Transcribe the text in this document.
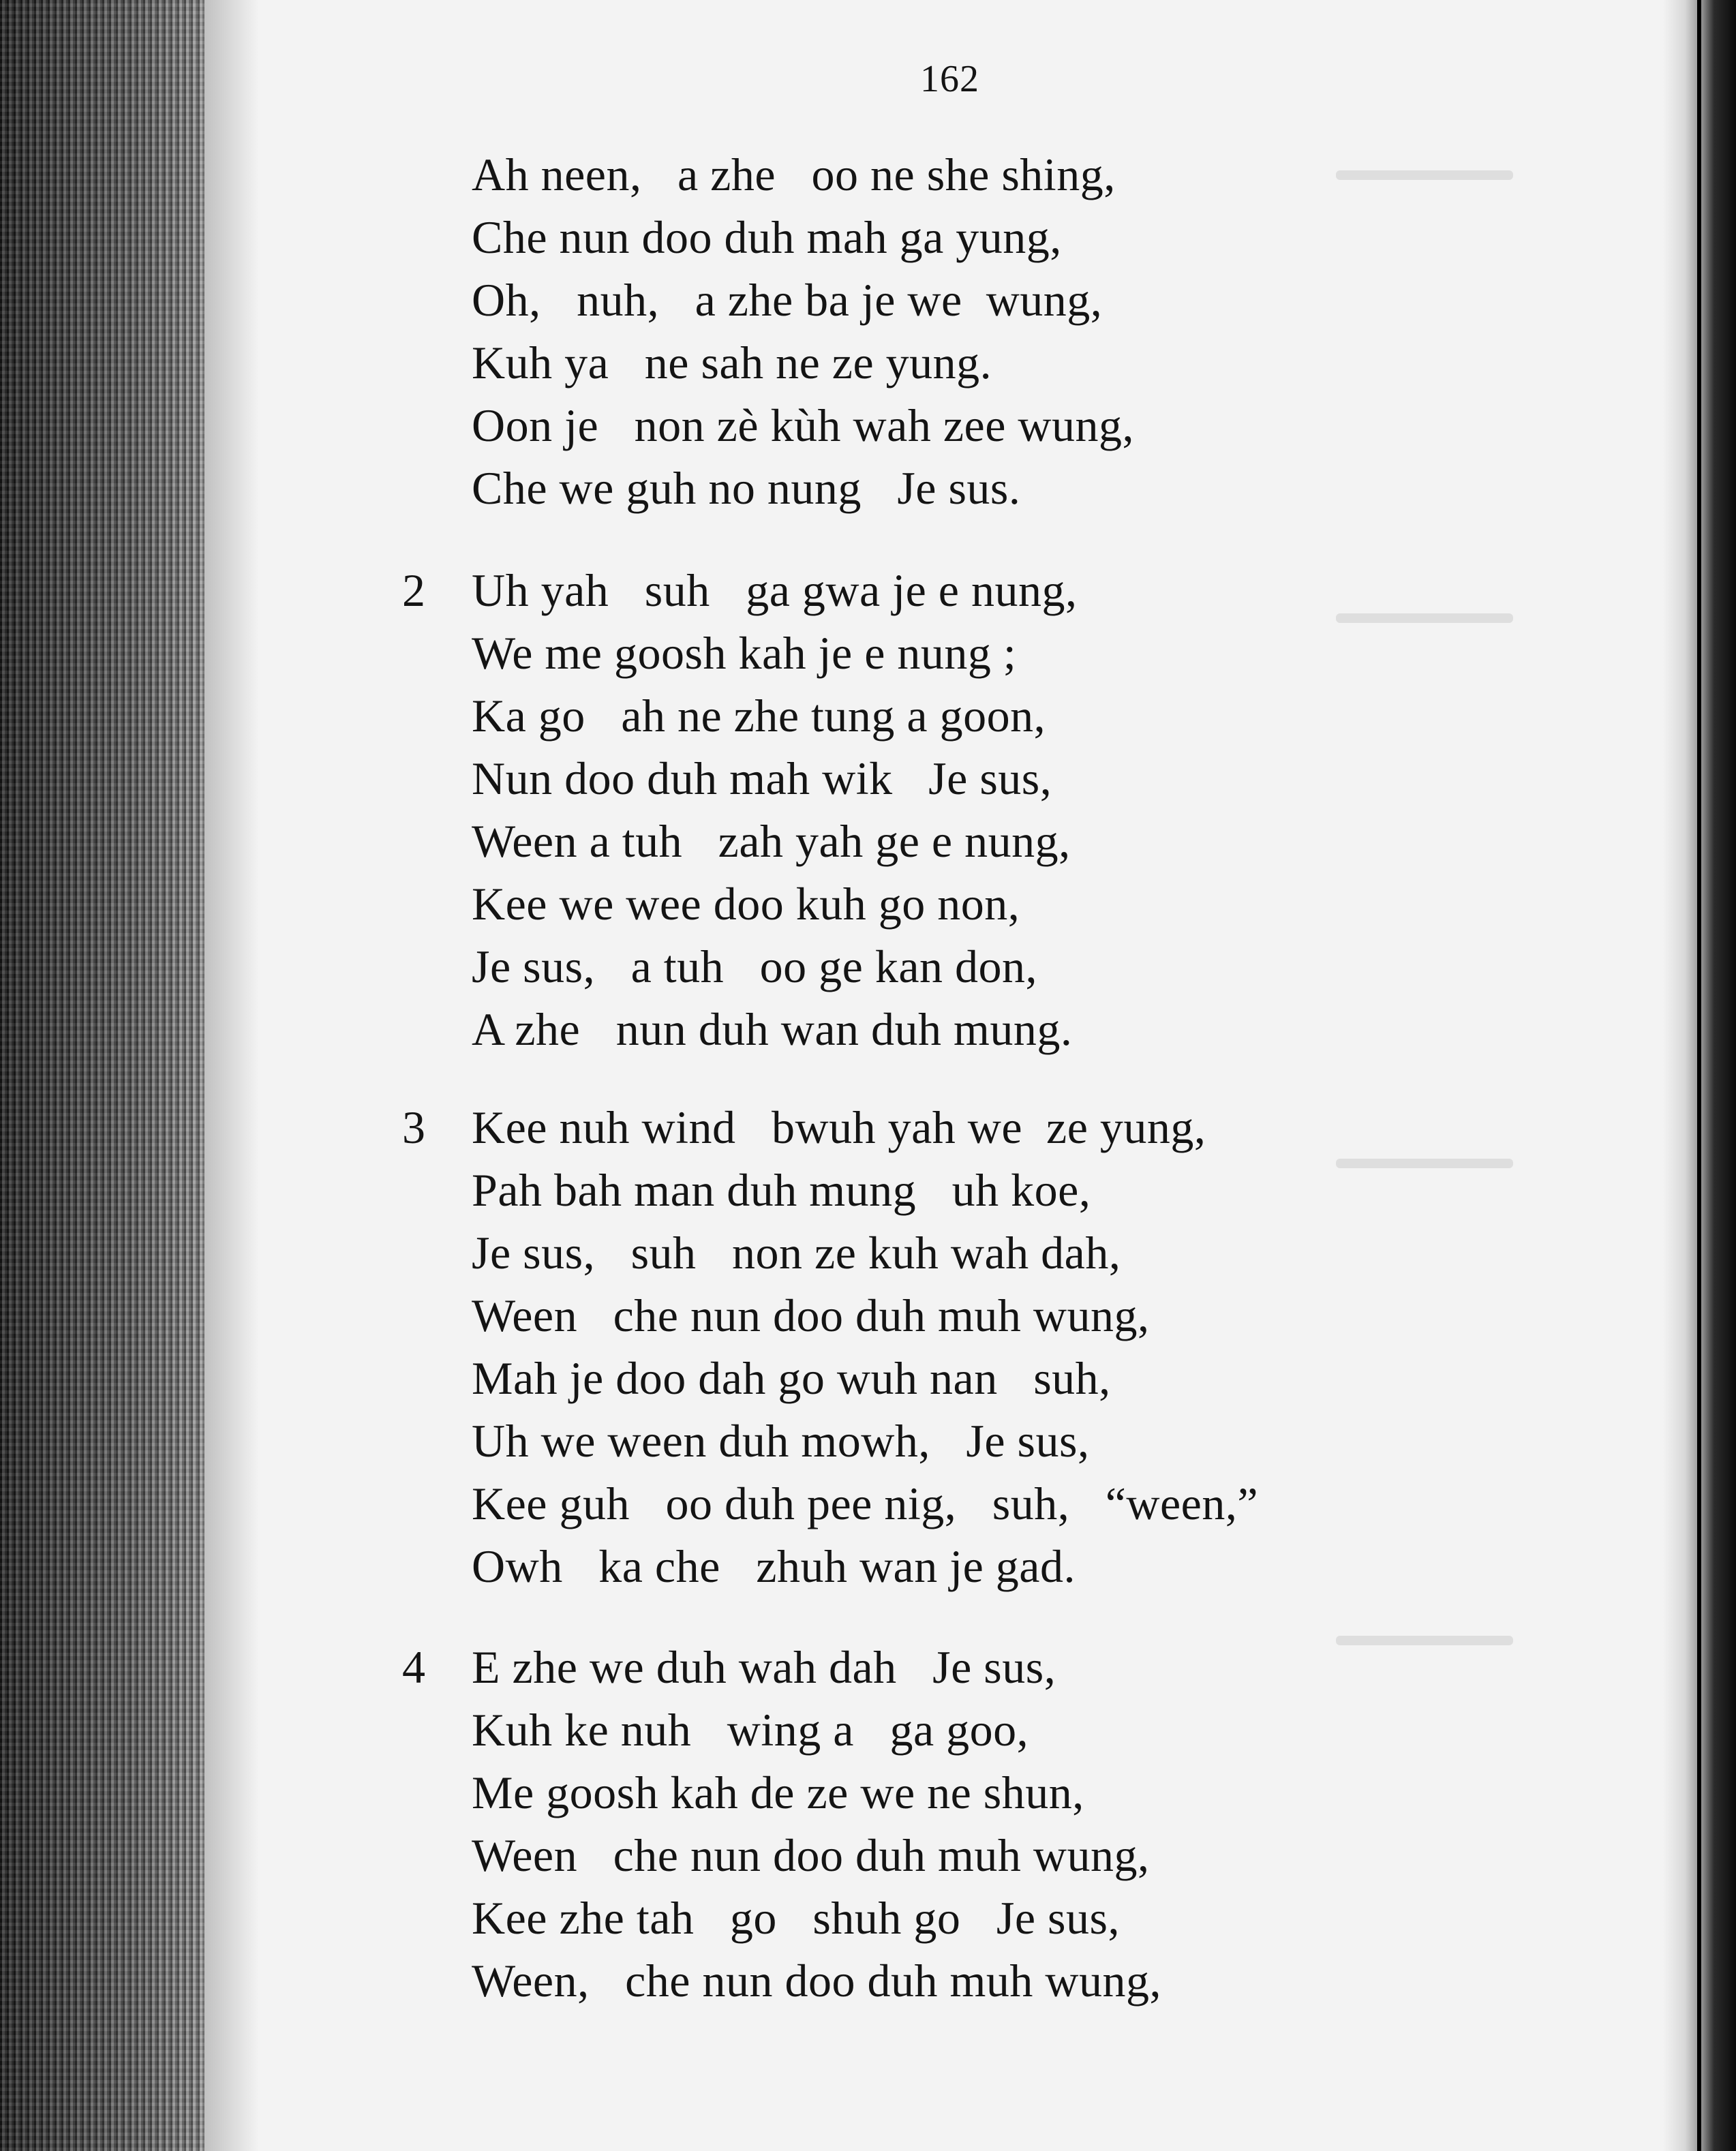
162
Ah neen,   a zhe   oo ne she shing,
Che nun doo duh mah ga yung,
Oh,   nuh,   a zhe ba je we  wung,
Kuh ya   ne sah ne ze yung.
Oon je   non zè kùh wah zee wung,
Che we guh no nung   Je sus.
2 Uh yah   suh   ga gwa je e nung,
We me goosh kah je e nung ;
Ka go   ah ne zhe tung a goon,
Nun doo duh mah wik   Je sus,
Ween a tuh   zah yah ge e nung,
Kee we wee doo kuh go non,
Je sus,   a tuh   oo ge kan don,
A zhe   nun duh wan duh mung.
3 Kee nuh wind   bwuh yah we  ze yung,
Pah bah man duh mung   uh koe,
Je sus,   suh   non ze kuh wah dah,
Ween   che nun doo duh muh wung,
Mah je doo dah go wuh nan   suh,
Uh we ween duh mowh,   Je sus,
Kee guh   oo duh pee nig,   suh,   “ween,”
Owh   ka che   zhuh wan je gad.
4 E zhe we duh wah dah   Je sus,
Kuh ke nuh   wing a   ga goo,
Me goosh kah de ze we ne shun,
Ween   che nun doo duh muh wung,
Kee zhe tah   go   shuh go   Je sus,
Ween,   che nun doo duh muh wung,
